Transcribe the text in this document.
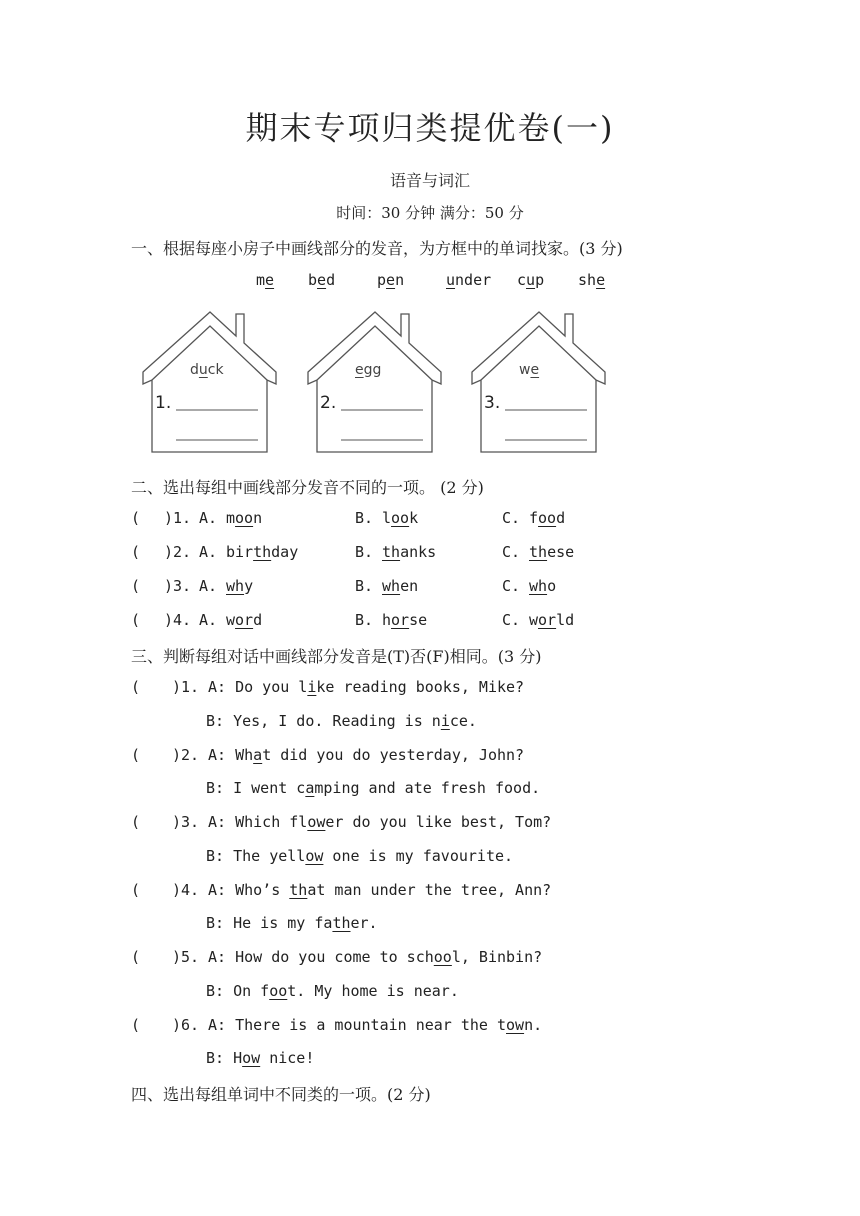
期末专项归类提优卷(一)
语音与词汇
时间：30 分钟 满分：50 分
一、根据每座小房子中画线部分的发音，为方框中的单词找家。(3 分)
me bed	pen	under cup she
duck
1.
egg
2.
we
3.
二、选出每组中画线部分发音不同的一项。 (2 分)
( )1. A. moon	B. look	C. food
( )2. A. birthday	B. thanks	C. these
( )3. A. why	B. when	C. who
( )4. A. word	B. horse	C. world
三、判断每组对话中画线部分发音是(T)否(F)相同。(3 分)
( )1. A: Do you like reading books, Mike?
B: Yes, I do. Reading is nice.
( )2. A: What did you do yesterday, John?
B: I went camping and ate fresh food.
( )3. A: Which flower do you like best, Tom?
B: The yellow one is my favourite.
( )4. A: Who’s that man under the tree, Ann?
B: He is my father.
( )5. A: How do you come to school, Binbin?
B: On foot. My home is near.
( )6. A: There is a mountain near the town.
B: How nice!
四、选出每组单词中不同类的一项。(2 分)
